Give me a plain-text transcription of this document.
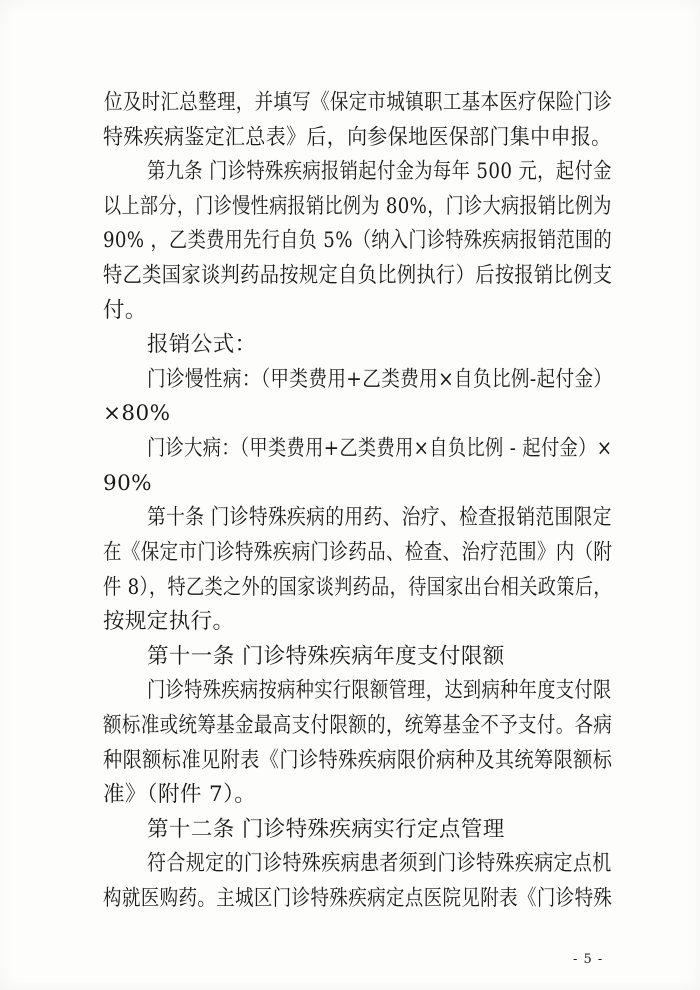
位及时汇总整理，并填写《保定市城镇职工基本医疗保险门诊
特殊疾病鉴定汇总表》后，向参保地医保部门集中申报。
第九条 门诊特殊疾病报销起付金为每年 500 元，起付金
以上部分，门诊慢性病报销比例为 80%，门诊大病报销比例为
90% ，乙类费用先行自负 5%（纳入门诊特殊疾病报销范围的
特乙类国家谈判药品按规定自负比例执行）后按报销比例支
付。
报销公式：
门诊慢性病：（甲类费用+乙类费用×自负比例-起付金）
×80%
门诊大病：（甲类费用+乙类费用×自负比例 - 起付金）×
90%
第十条 门诊特殊疾病的用药、治疗、检查报销范围限定
在《保定市门诊特殊疾病门诊药品、检查、治疗范围》内（附
件 8），特乙类之外的国家谈判药品，待国家出台相关政策后，
按规定执行。
第十一条 门诊特殊疾病年度支付限额
门诊特殊疾病按病种实行限额管理，达到病种年度支付限
额标准或统筹基金最高支付限额的，统筹基金不予支付。各病
种限额标准见附表《门诊特殊疾病限价病种及其统筹限额标
准》（附件 7）。
第十二条 门诊特殊疾病实行定点管理
符合规定的门诊特殊疾病患者须到门诊特殊疾病定点机
构就医购药。主城区门诊特殊疾病定点医院见附表《门诊特殊
- 5 -
